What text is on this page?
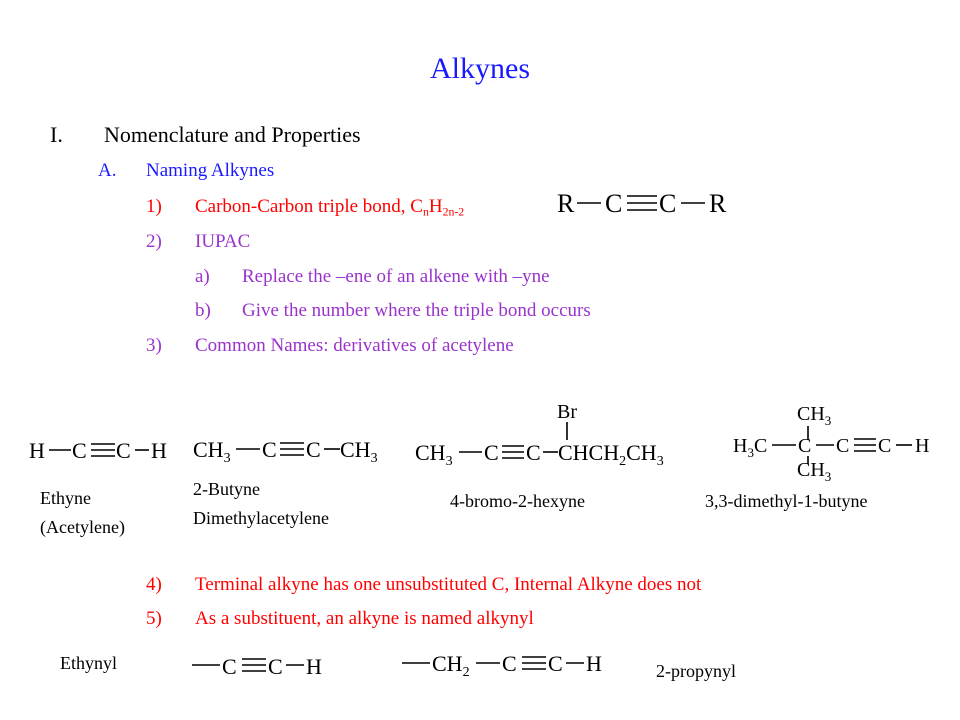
Alkynes
I. Nomenclature and Properties
A. Naming Alkynes
1) Carbon-Carbon triple bond, $C_nH_{2n-2}$
2) IUPAC
a) Replace the –ene of an alkene with –yne
b) Give the number where the triple bond occurs
3) Common Names: derivatives of acetylene
R C C R
H C C H
Ethyne
(Acetylene)
$CH_3$ C C $CH_3$
2-Butyne
Dimethylacetylene
Br
$CH_3$ C C $CHCH_2CH_3$
4-bromo-2-hexyne
$CH_3$
$H_3C$ C C C H
$CH_3$
3,3-dimethyl-1-butyne
4) Terminal alkyne has one unsubstituted C, Internal Alkyne does not
5) As a substituent, an alkyne is named alkynyl
Ethynyl	C C H	$CH_2$ C C H	2-propynyl
